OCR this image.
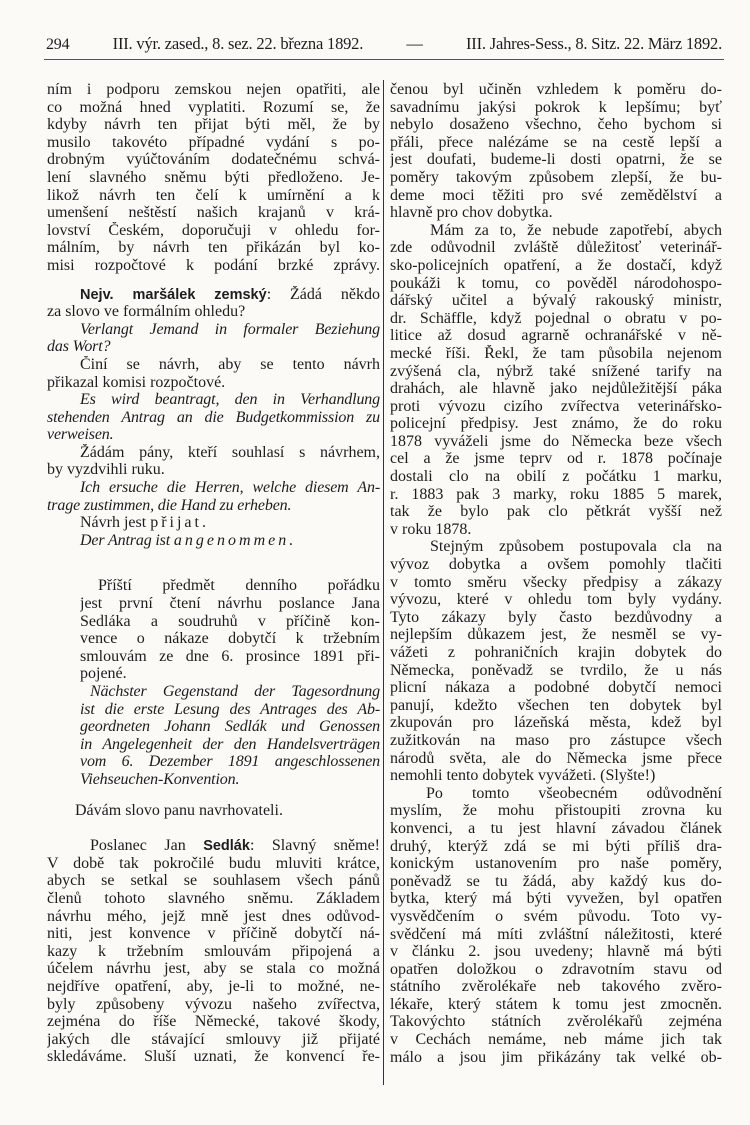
294	III. výr. zased., 8. sez. 22. března 1892.	—	III. Jahres-Sess., 8. Sitz. 22. März 1892.
ním i podporu zemskou nejen opatřiti, ale
co možná hned vyplatiti. Rozumí se, že
kdyby návrh ten přijat býti měl, že by
musilo takovéto případné vydání s po-
drobným vyúčtováním dodatečnému schvá-
lení slavného sněmu býti předloženo. Je-
likož návrh ten čelí k umírnění a k
umenšení neštěstí našich krajanů v krá-
lovství Českém, doporučuji v ohledu for-
málním, by návrh ten přikázán byl ko-
misi rozpočtové k podání brzké zprávy.
Nejv. maršálek zemský: Žádá někdo
za slovo ve formálním ohledu?
Verlangt Jemand in formaler Beziehung
das Wort?
Činí se návrh, aby se tento návrh
přikazal komisi rozpočtové.
Es wird beantragt, den in Verhandlung
stehenden Antrag an die Budgetkommission zu
verweisen.
Žádám pány, kteří souhlasí s návrhem,
by vyzdvihli ruku.
Ich ersuche die Herren, welche diesem An-
trage zustimmen, die Hand zu erheben.
Návrh jest přijat.
Der Antrag ist angenommen.
Příští předmět denního pořádku
jest první čtení návrhu poslance Jana
Sedláka a soudruhů v příčině kon-
vence o nákaze dobytčí k tržebním
smlouvám ze dne 6. prosince 1891 při-
pojené.
Nächster Gegenstand der Tagesordnung
ist die erste Lesung des Antrages des Ab-
geordneten Johann Sedlák und Genossen
in Angelegenheit der den Handelsverträgen
vom 6. Dezember 1891 angeschlossenen
Viehseuchen-Konvention.
Dávám slovo panu navrhovateli.
Poslanec Jan Sedlák: Slavný sněme!
V době tak pokročilé budu mluviti krátce,
abych se setkal se souhlasem všech pánů
členů tohoto slavného sněmu. Základem
návrhu mého, jejž mně jest dnes odůvod-
niti, jest konvence v příčině dobytčí ná-
kazy k tržebním smlouvám připojená a
účelem návrhu jest, aby se stala co možná
nejdříve opatření, aby, je-li to možné, ne-
byly způsobeny vývozu našeho zvířectva,
zejména do říše Německé, takové škody,
jakých dle stávající smlouvy již přijaté
skledáváme. Sluší uznati, že konvencí ře-
čenou byl učiněn vzhledem k poměru do-
savadnímu jakýsi pokrok k lepšímu; byť
nebylo dosaženo všechno, čeho bychom si
přáli, přece nalézáme se na cestě lepší a
jest doufati, budeme-li dosti opatrni, že se
poměry takovým způsobem zlepší, že bu-
deme moci těžiti pro své zemědělství a
hlavně pro chov dobytka.
Mám za to, že nebude zapotřebí, abych
zde odůvodnil zvláště důležitosť veterinář-
sko-policejních opatření, a že dostačí, když
poukáži k tomu, co pověděl národohospo-
dářský učitel a bývalý rakouský ministr,
dr. Schäffle, když pojednal o obratu v po-
litice až dosud agrarně ochranářské v ně-
mecké říši. Řekl, že tam působila nejenom
zvýšená cla, nýbrž také snížené tarify na
drahách, ale hlavně jako nejdůležitější páka
proti vývozu cizího zvířectva veterinářsko-
policejní předpisy. Jest známo, že do roku
1878 vyváželi jsme do Německa beze všech
cel a že jsme teprv od r. 1878 počínaje
dostali clo na obilí z počátku 1 marku,
r. 1883 pak 3 marky, roku 1885 5 marek,
tak že bylo pak clo pětkrát vyšší než
v roku 1878.
Stejným způsobem postupovala cla na
vývoz dobytka a ovšem pomohly tlačiti
v tomto směru všecky předpisy a zákazy
vývozu, které v ohledu tom byly vydány.
Tyto zákazy byly často bezdůvodny a
nejlepším důkazem jest, že nesměl se vy-
vážeti z pohraničních krajin dobytek do
Německa, poněvadž se tvrdilo, že u nás
plicní nákaza a podobné dobytčí nemoci
panují, kdežto všechen ten dobytek byl
zkupován pro lázeňská města, kdež byl
zužitkován na maso pro zástupce všech
národů světa, ale do Německa jsme přece
nemohli tento dobytek vyvážeti. (Slyšte!)
Po tomto všeobecném odůvodnění
myslím, že mohu přistoupiti zrovna ku
konvenci, a tu jest hlavní závadou článek
druhý, kterýž zdá se mi býti příliš dra-
konickým ustanovením pro naše poměry,
poněvadž se tu žádá, aby každý kus do-
bytka, který má býti vyvežen, byl opatřen
vysvědčením o svém původu. Toto vy-
svědčení má míti zvláštní náležitosti, které
v článku 2. jsou uvedeny; hlavně má býti
opatřen doložkou o zdravotním stavu od
státního zvěrolékaře neb takového zvěro-
lékaře, který státem k tomu jest zmocněn.
Takovýchto státních zvěrolékařů zejména
v Cechách nemáme, neb máme jich tak
málo a jsou jim přikázány tak velké ob-
